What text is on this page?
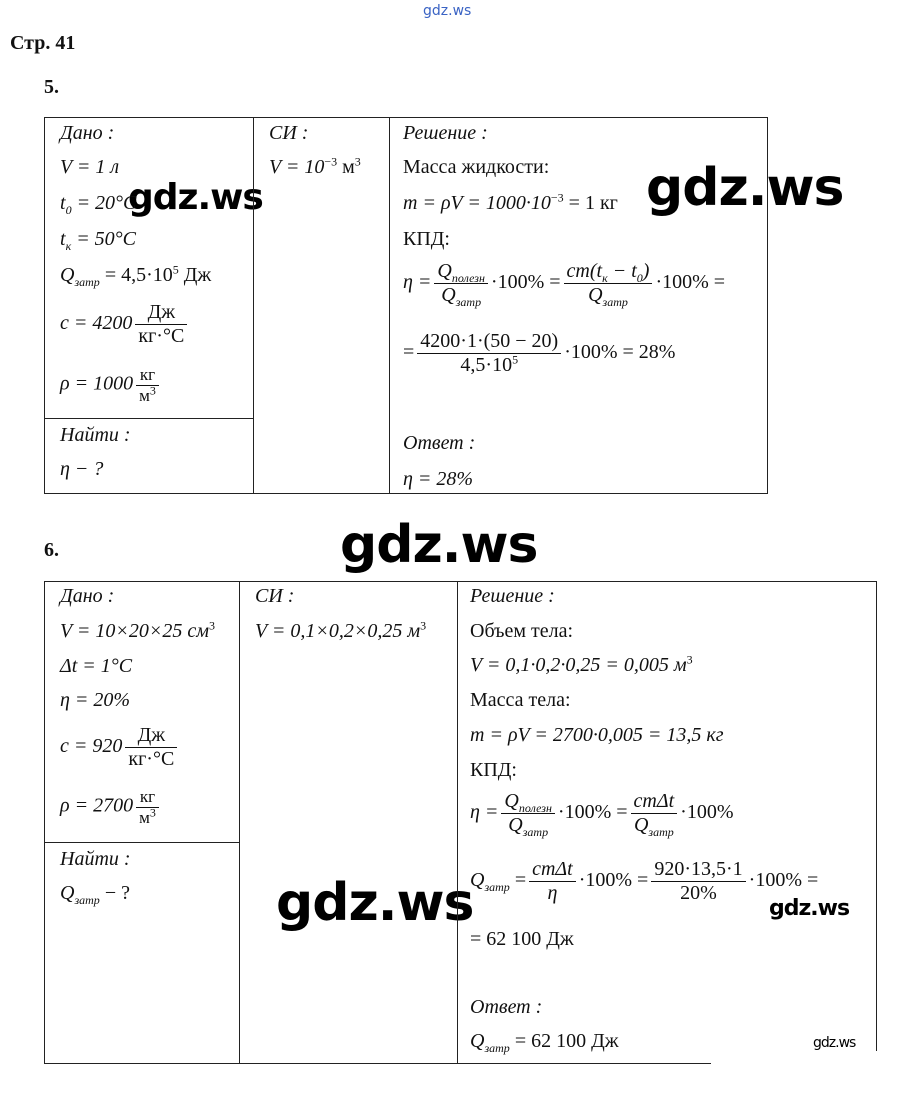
gdz.ws
gdz.ws	gdz.ws
gdz.ws
gdz.ws	gdz.ws
gdz.ws
Стр. 41
5.
Дано :
V = 1 л
$t_0 = 20^\circ C$
$t_к = 50^\circ C$
$Q_{затр} = 4,5\cdot 10^5$ Дж
$c = 4200 \frac{Дж}{кг\cdot^\circ C}$
$\rho = 1000 \frac{кг}{м^3}$
Найти :
η − ?
СИ :
$V = 10^{-3}$ $м^3$
Решение :
Масса жидкости:
$m = \rho V = 1000\cdot 10^{-3} = 1$ кг
КПД:
$\eta = \frac{Q_{полезн}}{Q_{затр}} \cdot 100\% = \frac{cm(t_к - t_0)}{Q_{затр}} \cdot 100\%$ =
= $\frac{4200\cdot 1\cdot(50 - 20)}{4,5\cdot 10^5} \cdot 100\% = 28\%$
Ответ :
η = 28%
6.
Дано :
V = 10×20×25 $см^3$
Δt = 1°C
η = 20%
$c = 920 \frac{Дж}{кг\cdot^\circ C}$
$\rho = 2700 \frac{кг}{м^3}$
Найти :
$Q_{затр}$ − ?
СИ :
V = 0,1×0,2×0,25 $м^3$
Решение :
Объем тела:
V = 0,1·0,2·0,25 = 0,005 $м^3$
Масса тела:
m = ρV = 2700·0,005 = 13,5 кг
КПД:
$\eta = \frac{Q_{полезн}}{Q_{затр}} \cdot 100\% = \frac{\text{cmΔt}}{Q_{затр}} \cdot 100\%$
$Q_{затр} = \frac{\text{cmΔt}}{\eta} \cdot 100\% = \frac{920\cdot 13,5\cdot 1}{20\%} \cdot 100\%$ =
= 62 100 Дж
Ответ :
$Q_{затр} = 62$ 100 Дж
